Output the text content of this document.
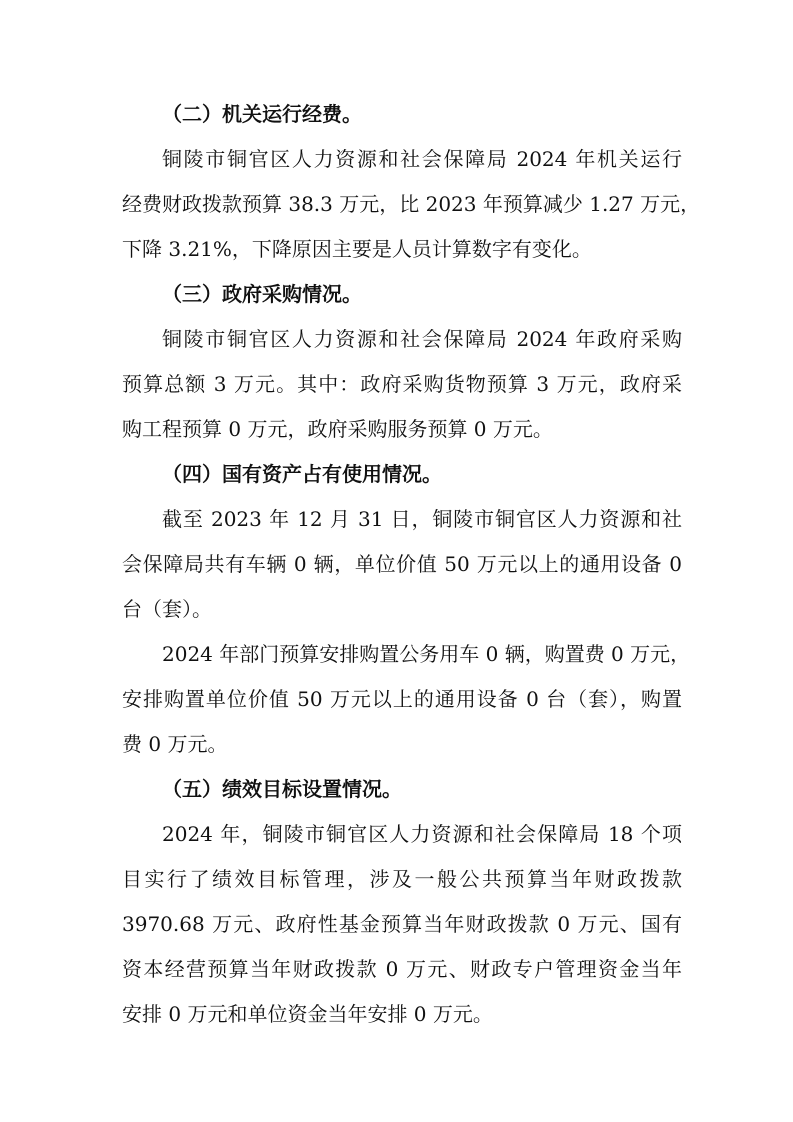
（二）机关运行经费。
铜陵市铜官区人力资源和社会保障局 2024 年机关运行
经费财政拨款预算 38.3 万元，比 2023 年预算减少 1.27 万元，
下降 3.21%，下降原因主要是人员计算数字有变化。
（三）政府采购情况。
铜陵市铜官区人力资源和社会保障局 2024 年政府采购
预算总额 3 万元。其中：政府采购货物预算 3 万元，政府采
购工程预算 0 万元，政府采购服务预算 0 万元。
（四）国有资产占有使用情况。
截至 2023 年 12 月 31 日，铜陵市铜官区人力资源和社
会保障局共有车辆 0 辆，单位价值 50 万元以上的通用设备 0
台（套）。
2024 年部门预算安排购置公务用车 0 辆，购置费 0 万元，
安排购置单位价值 50 万元以上的通用设备 0 台（套），购置
费 0 万元。
（五）绩效目标设置情况。
2024 年，铜陵市铜官区人力资源和社会保障局 18 个项
目实行了绩效目标管理，涉及一般公共预算当年财政拨款
3970.68 万元、政府性基金预算当年财政拨款 0 万元、国有
资本经营预算当年财政拨款 0 万元、财政专户管理资金当年
安排 0 万元和单位资金当年安排 0 万元。
